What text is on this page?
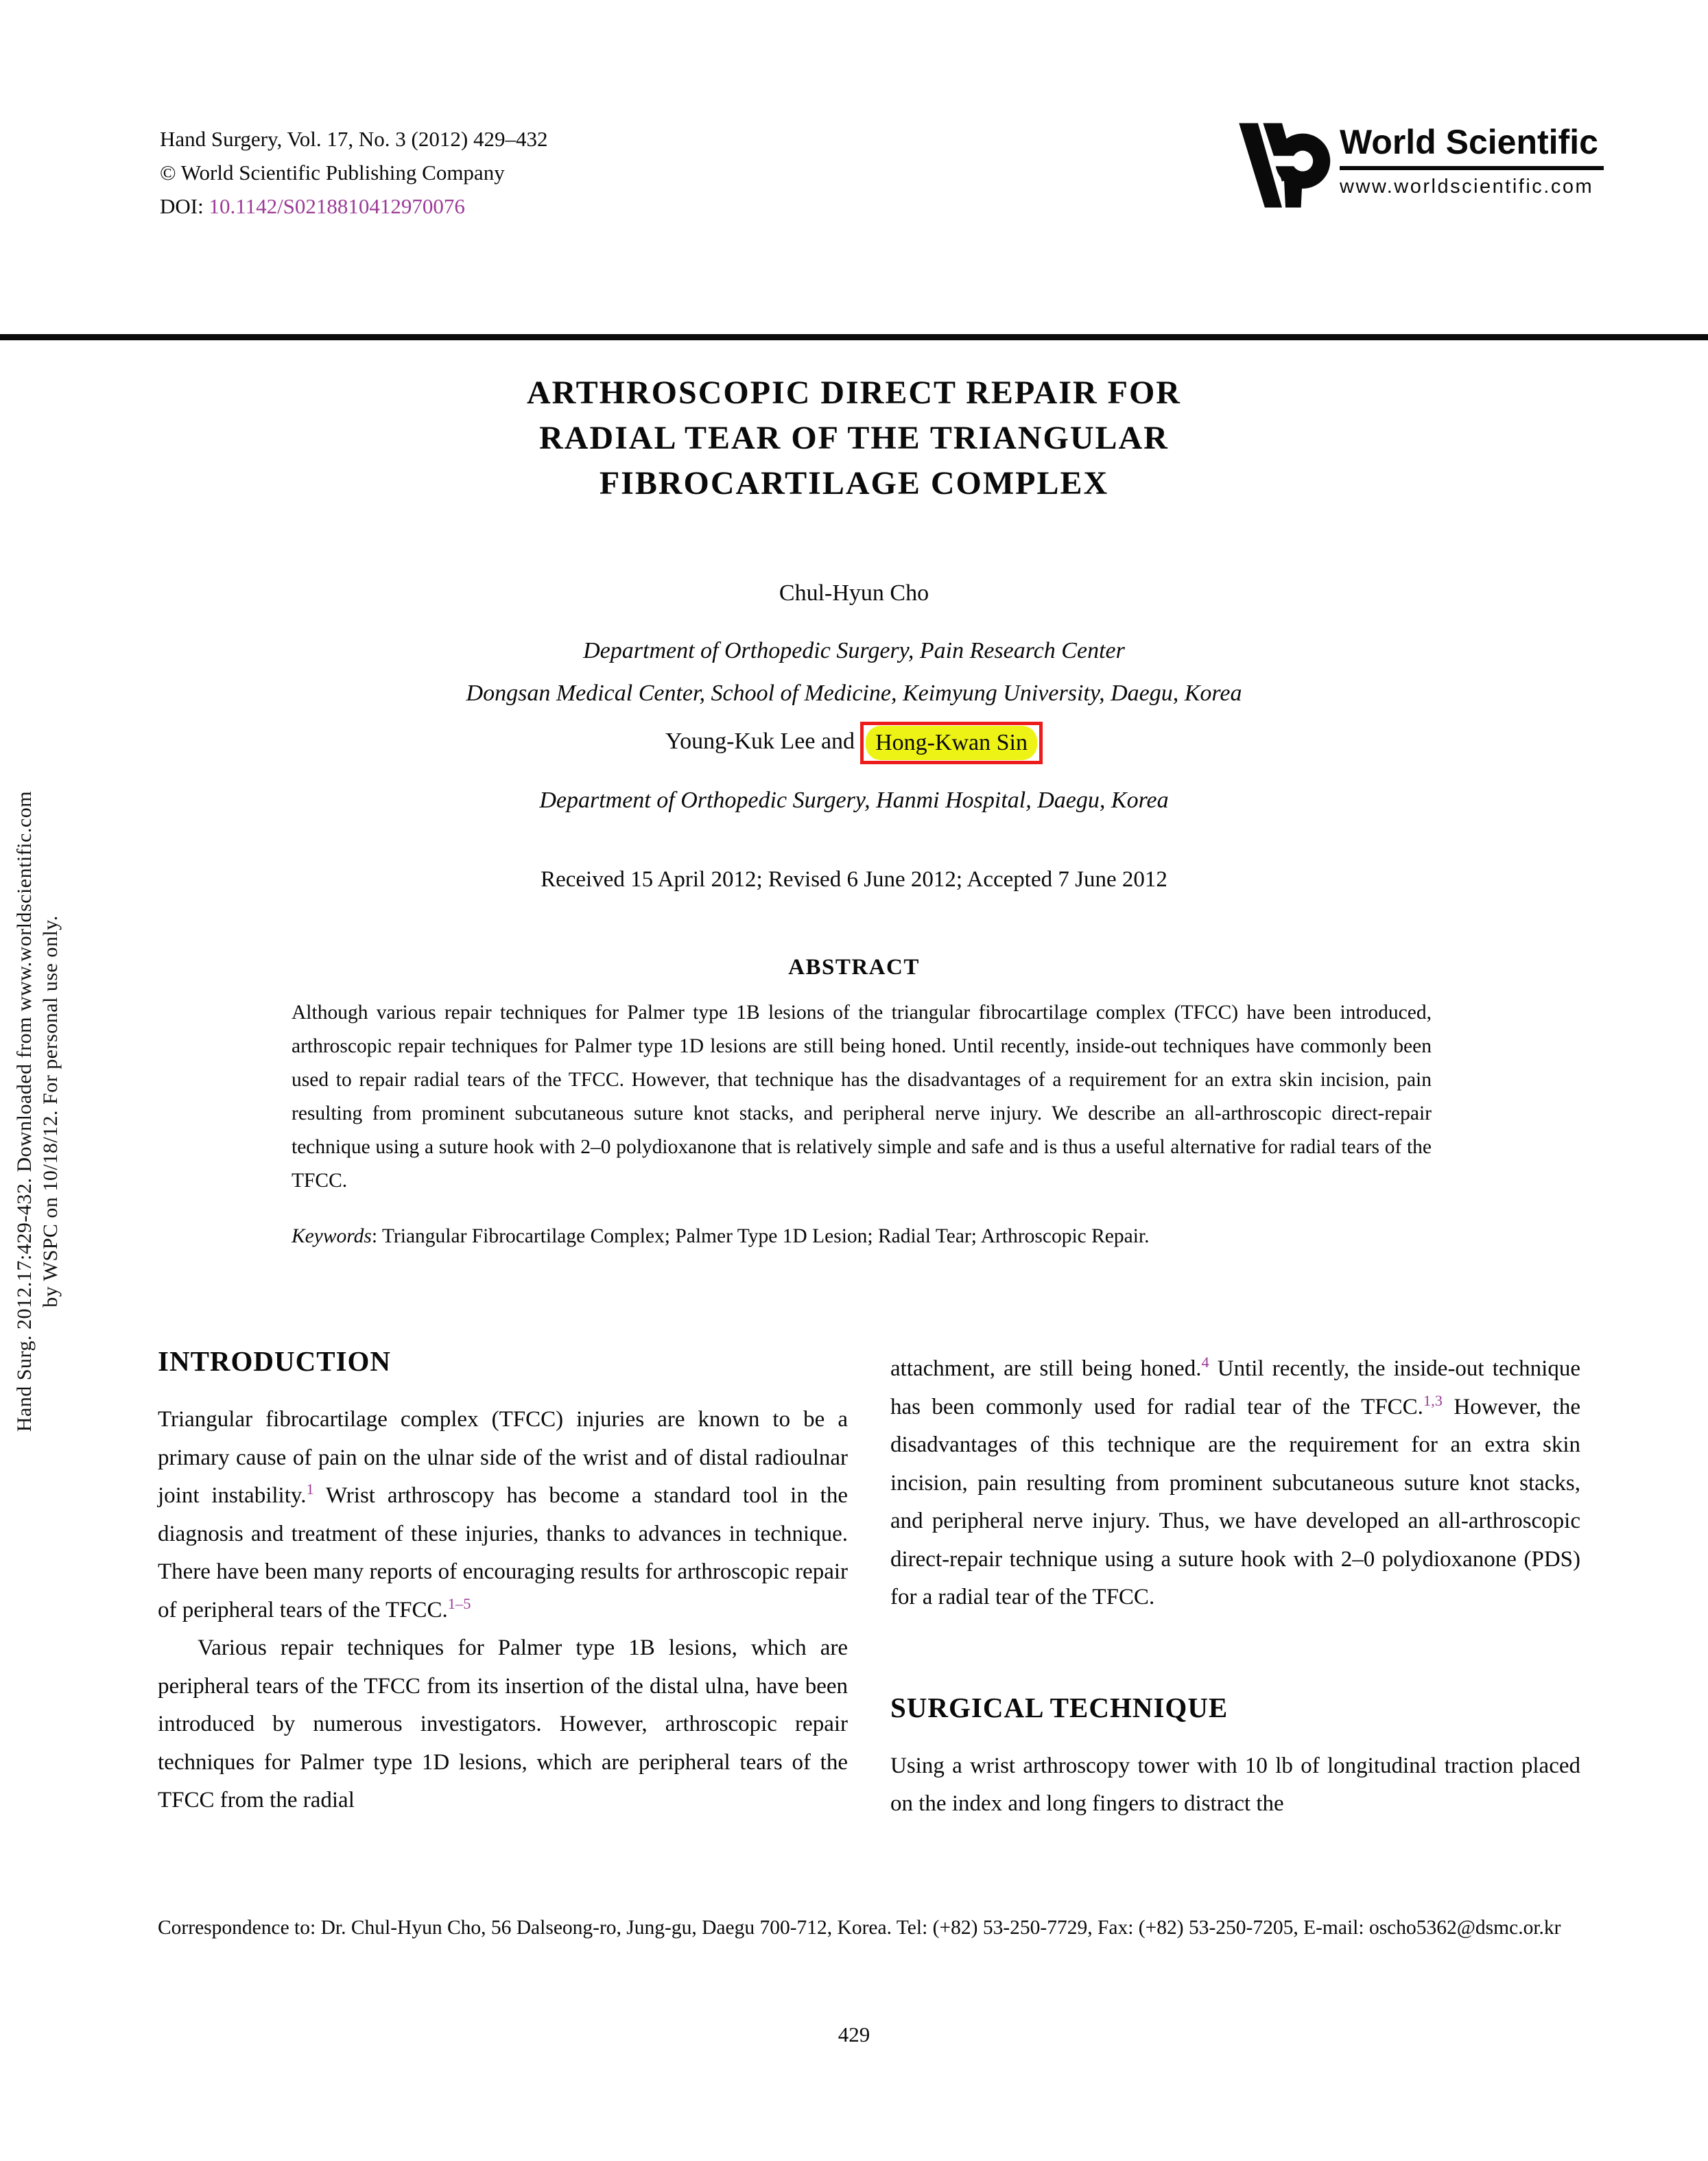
Hand Surg. 2012.17:429-432. Downloaded from www.worldscientific.com by WSPC on 10/18/12. For personal use only.
Hand Surgery, Vol. 17, No. 3 (2012) 429–432
© World Scientific Publishing Company
DOI: 10.1142/S0218810412970076
World Scientific
www.worldscientific.com
ARTHROSCOPIC DIRECT REPAIR FOR
RADIAL TEAR OF THE TRIANGULAR
FIBROCARTILAGE COMPLEX
Chul-Hyun Cho
Department of Orthopedic Surgery, Pain Research Center
Dongsan Medical Center, School of Medicine, Keimyung University, Daegu, Korea
Young-Kuk Lee and Hong-Kwan Sin
Department of Orthopedic Surgery, Hanmi Hospital, Daegu, Korea
Received 15 April 2012; Revised 6 June 2012; Accepted 7 June 2012
ABSTRACT
Although various repair techniques for Palmer type 1B lesions of the triangular fibrocartilage complex (TFCC) have been introduced, arthroscopic repair techniques for Palmer type 1D lesions are still being honed. Until recently, inside-out techniques have commonly been used to repair radial tears of the TFCC. However, that technique has the disadvantages of a requirement for an extra skin incision, pain resulting from prominent subcutaneous suture knot stacks, and peripheral nerve injury. We describe an all-arthroscopic direct-repair technique using a suture hook with 2–0 polydioxanone that is relatively simple and safe and is thus a useful alternative for radial tears of the TFCC.
Keywords: Triangular Fibrocartilage Complex; Palmer Type 1D Lesion; Radial Tear; Arthroscopic Repair.
INTRODUCTION

Triangular fibrocartilage complex (TFCC) injuries are known to be a primary cause of pain on the ulnar side of the wrist and of distal radioulnar joint instability.$^1$ Wrist arthroscopy has become a standard tool in the diagnosis and treatment of these injuries, thanks to advances in technique. There have been many reports of encouraging results for arthroscopic repair of peripheral tears of the TFCC.$^{1-5}$

Various repair techniques for Palmer type 1B lesions, which are peripheral tears of the TFCC from its insertion of the distal ulna, have been introduced by numerous investigators. However, arthroscopic repair techniques for Palmer type 1D lesions, which are peripheral tears of the TFCC from the radial

attachment, are still being honed.$^4$ Until recently, the inside-out technique has been commonly used for radial tear of the TFCC.$^{1,3}$ However, the disadvantages of this technique are the requirement for an extra skin incision, pain resulting from prominent subcutaneous suture knot stacks, and peripheral nerve injury. Thus, we have developed an all-arthroscopic direct-repair technique using a suture hook with 2–0 polydioxanone (PDS) for a radial tear of the TFCC.

SURGICAL TECHNIQUE

Using a wrist arthroscopy tower with 10 lb of longitudinal traction placed on the index and long fingers to distract the

Correspondence to: Dr. Chul-Hyun Cho, 56 Dalseong-ro, Jung-gu, Daegu 700-712, Korea. Tel: (+82) 53-250-7729, Fax: (+82) 53-250-7205, E-mail: oscho5362@dsmc.or.kr
429
